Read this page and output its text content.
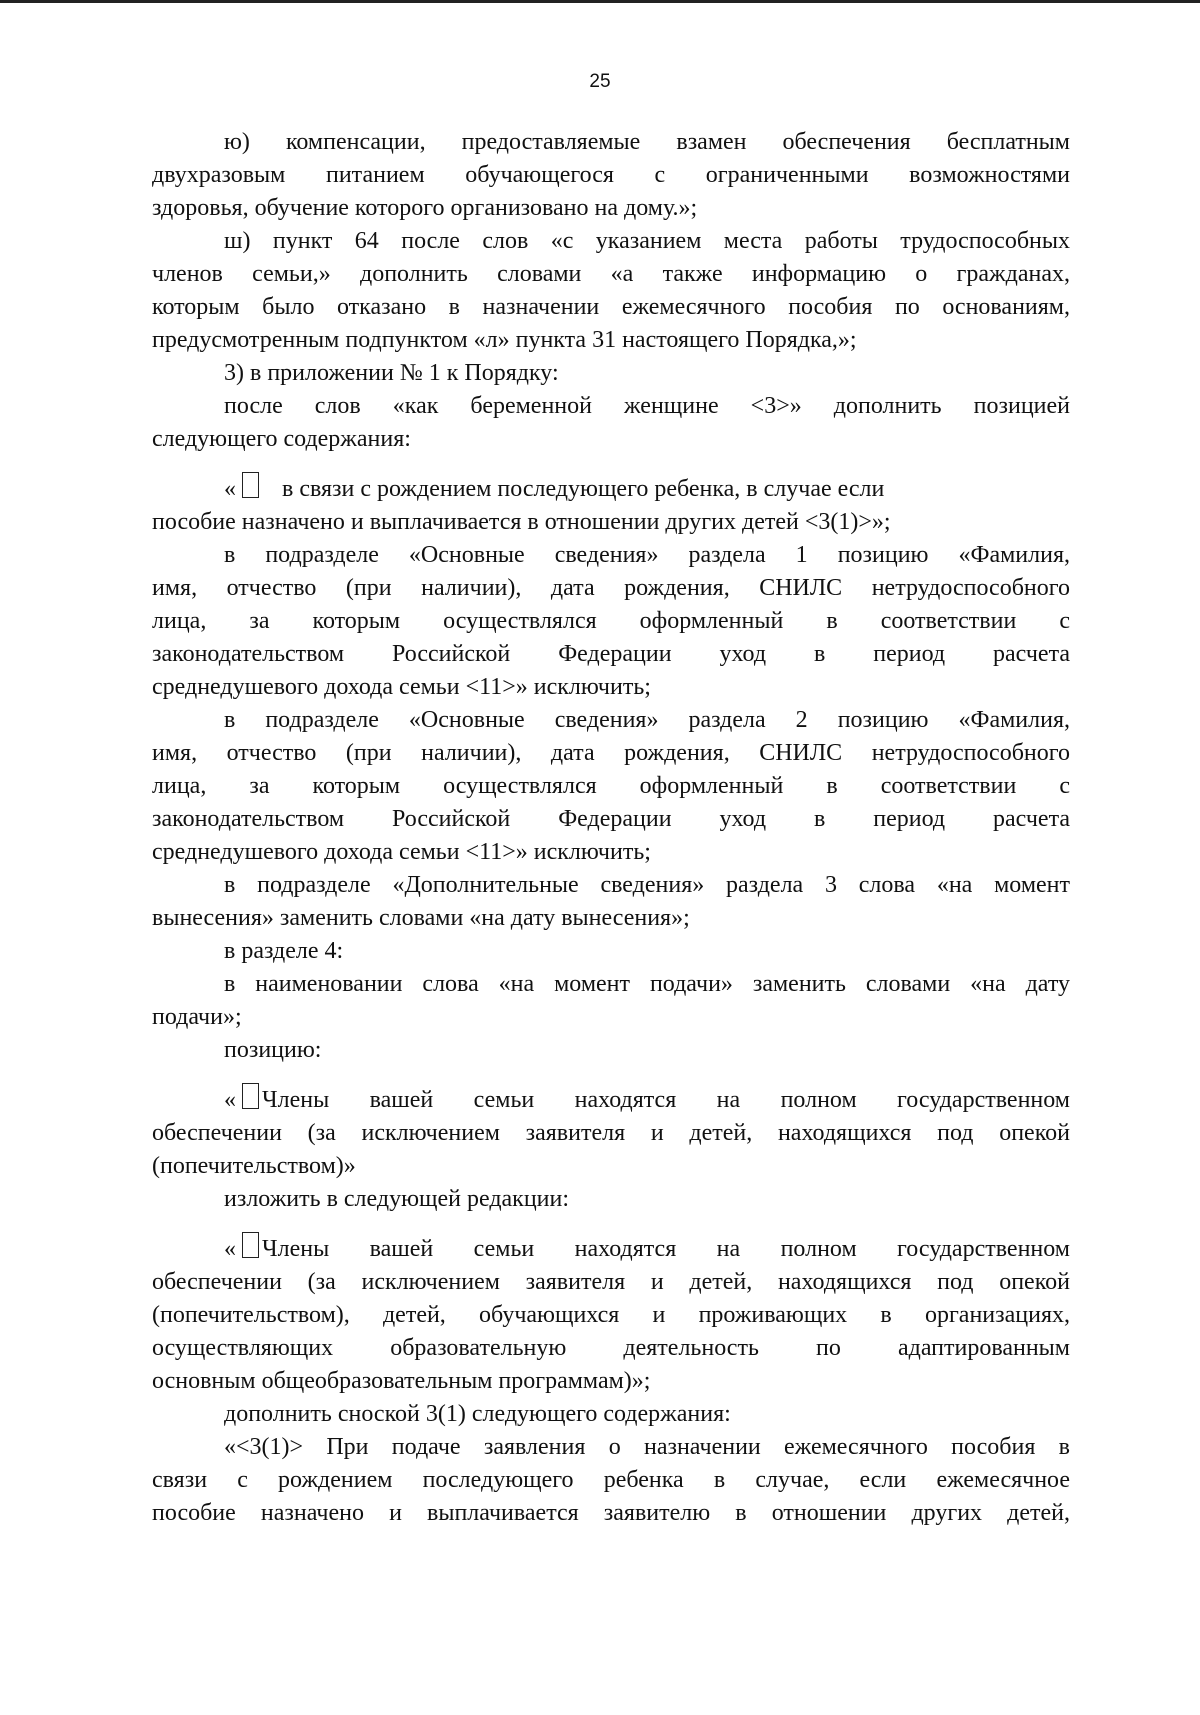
25
ю) компенсации, предоставляемые взамен обеспечения бесплатным
двухразовым питанием обучающегося с ограниченными возможностями
здоровья, обучение которого организовано на дому.»;
ш) пункт 64 после слов «с указанием места работы трудоспособных
членов семьи,» дополнить словами «а также информацию о гражданах,
которым было отказано в назначении ежемесячного пособия по основаниям,
предусмотренным подпунктом «л» пункта 31 настоящего Порядка,»;
3) в приложении № 1 к Порядку:
после слов «как беременной женщине <3>» дополнить позицией
следующего содержания:
« в связи с рождением последующего ребенка, в случае если
пособие назначено и выплачивается в отношении других детей <3(1)>»;
в подразделе «Основные сведения» раздела 1 позицию «Фамилия,
имя, отчество (при наличии), дата рождения, СНИЛС нетрудоспособного
лица, за которым осуществлялся оформленный в соответствии с
законодательством Российской Федерации уход в период расчета
среднедушевого дохода семьи <11>» исключить;
в подразделе «Основные сведения» раздела 2 позицию «Фамилия,
имя, отчество (при наличии), дата рождения, СНИЛС нетрудоспособного
лица, за которым осуществлялся оформленный в соответствии с
законодательством Российской Федерации уход в период расчета
среднедушевого дохода семьи <11>» исключить;
в подразделе «Дополнительные сведения» раздела 3 слова «на момент
вынесения» заменить словами «на дату вынесения»;
в разделе 4:
в наименовании слова «на момент подачи» заменить словами «на дату
подачи»;
позицию:
« Члены вашей семьи находятся на полном государственном
обеспечении (за исключением заявителя и детей, находящихся под опекой
(попечительством)»
изложить в следующей редакции:
« Члены вашей семьи находятся на полном государственном
обеспечении (за исключением заявителя и детей, находящихся под опекой
(попечительством), детей, обучающихся и проживающих в организациях,
осуществляющих образовательную деятельность по адаптированным
основным общеобразовательным программам)»;
дополнить сноской 3(1) следующего содержания:
«<3(1)> При подаче заявления о назначении ежемесячного пособия в
связи с рождением последующего ребенка в случае, если ежемесячное
пособие назначено и выплачивается заявителю в отношении других детей,
